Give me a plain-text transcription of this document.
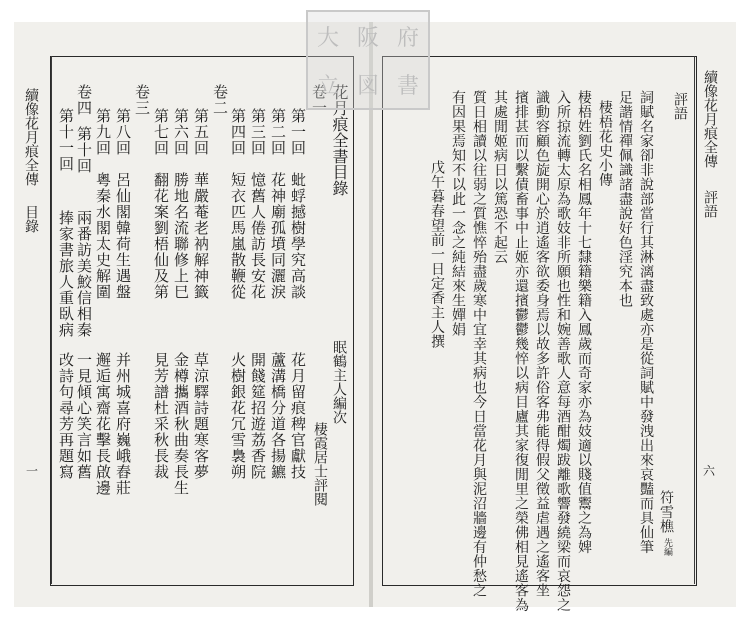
續像花月痕全傳
評語
六
評語
符雪樵
先編
詞賦名家卻非說部當行其淋漓盡致處亦是從詞賦中發洩出來哀豔而具仙筆
足諧情禪佩識諸盡說好色淫究本也
棲梧花史小傳
棲梧姓劉氏名相鳳年十七隸籍樂籍入鳳歲而奇家亦為妓適以賤值鬻之為婢
入所掠流轉太原為歌妓非所願也性和婉善歌人意每酒酣燭跋離歌響發繞梁而哀怨之
識動容顧色旋開心於逍遙客欲委身焉以故多許俗客弗能得假父徵益虐遇之遙客坐
擯排甚而以繫債畜事中止姬亦還擯鬱鬱幾悴以病目廬其家復閒里之榮佛相見遙客為
其處閒姬病日以篤恐不起云
質日相讀以往弱之質憔悴殆盡歲寒中宜幸其病也今日當花月與泥沼牆邊有仲愁之
有因果焉知不以此一念之純結來生嬋娟
戊午暮春望前一日定香主人撰
續像花月痕全傳
目錄
一
花月痕全書目錄
眠鶴主人編次
棲霞居士評閱
卷一
第一回
蚍蜉撼樹學究高談
花月留痕稗官獻技
第二回
花神廟孤墳同灑淚
蘆溝橋分道各揚鑣
第三回
憶舊人倦訪長安花
開餞筵招遊荔香院
第四回
短衣匹馬嵐散鞭從
火樹銀花冗雪裊朔
卷二
第五回
華嚴菴老衲解神籤
草涼驛詩題寒客夢
第六回
勝地名流聯修上巳
金樽攜酒秋曲奏長生
第七回
翻花案劉梧仙及第
見芳譜杜采秋長裁
卷三
第八回
呂仙閣韓荷生遇盤
并州城喜府巍峨舂莊
第九回
粵秦水閣太史解圍
邂逅寓齋花擊長啟邊
卷四
第十回
兩番訪美鮫信相秦
一見傾心笑言如舊
第十一回
捧家書旅人重臥病
改詩句尋芳再題寫
大 阪 府
立 図 書
